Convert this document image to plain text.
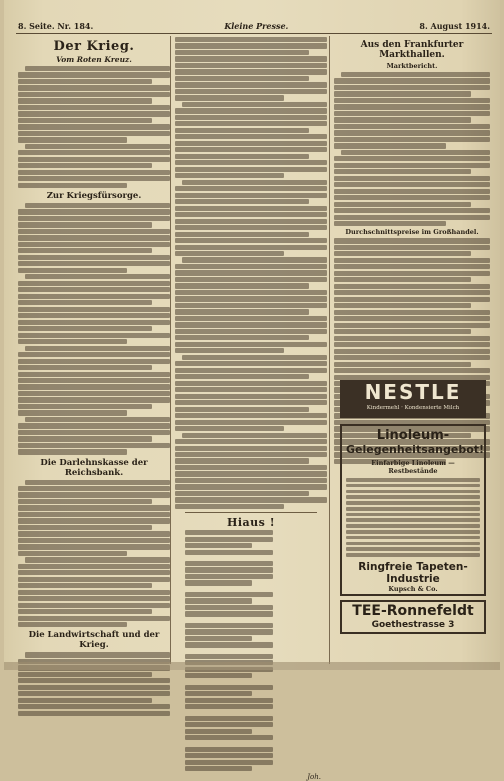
8. Seite. Nr. 184.	Kleine Presse.	8. August 1914.
Der Krieg.
Vom Roten Kreuz.
Zur Kriegsfürsorge.
Die Darlehnskasse der Reichsbank.
Die Landwirtschaft und der Krieg.
Hiaus !
Joh.
Aus den Frankfurter Markthallen.
Marktbericht.
Durchschnittspreise im Großhandel.
NESTLE
Kindermehl · Kondensierte Milch
Linoleum-
Gelegenheitsangebot!
Einfarbige Linoleum — Restbestände
Ringfreie Tapeten-Industrie
Kupsch & Co.
TEE-Ronnefeldt
Goethestrasse 3
